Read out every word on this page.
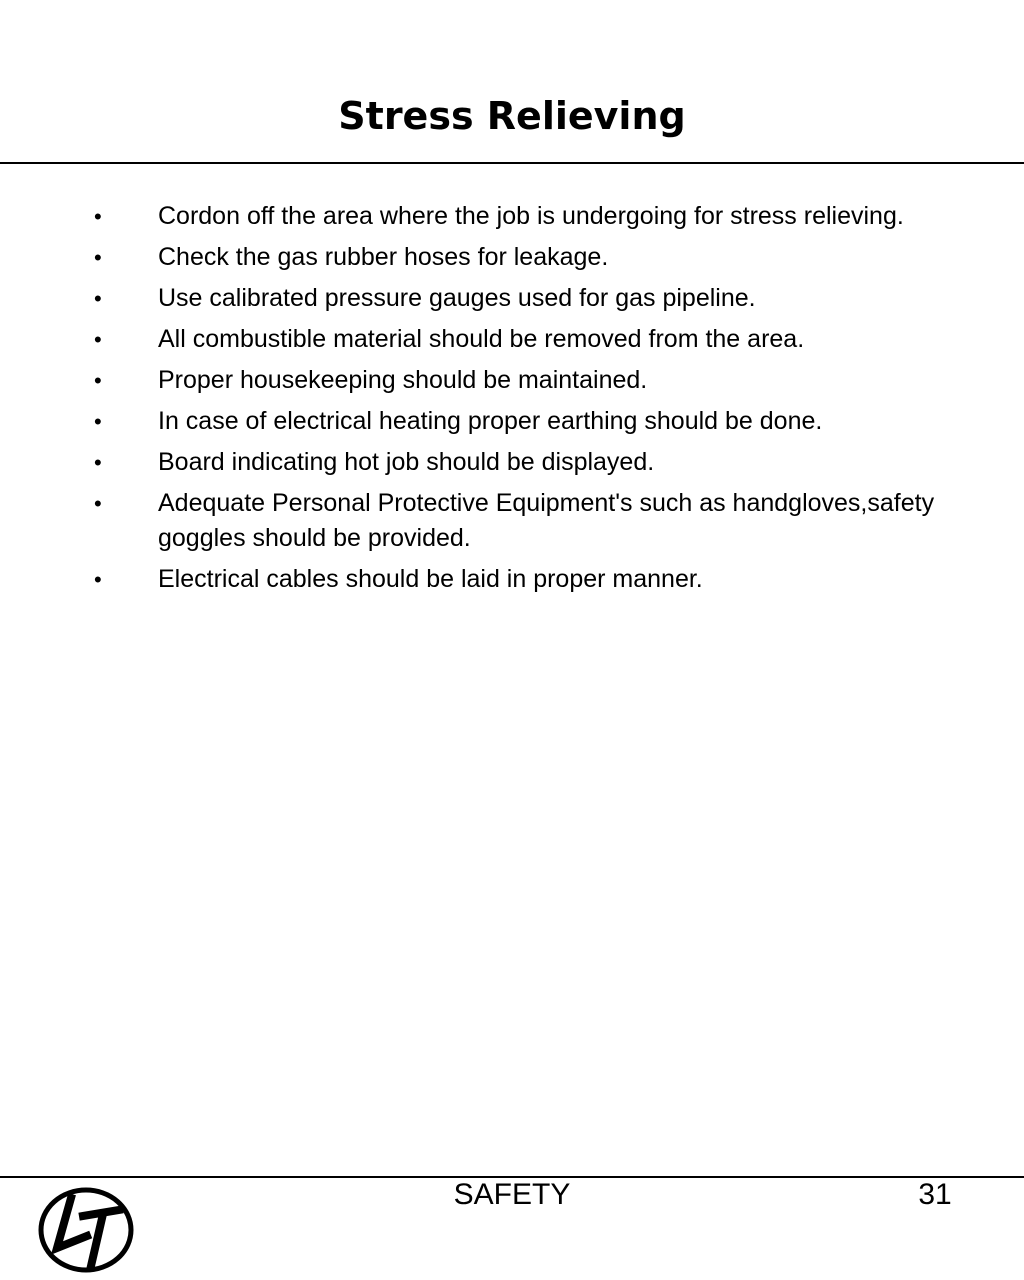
Stress Relieving
•	Cordon off the area where the job is undergoing for stress relieving.
•	Check the gas rubber hoses for leakage.
•	Use calibrated pressure gauges used for gas pipeline.
•	All combustible material should be removed from the area.
•	Proper housekeeping should be maintained.
•	In case of electrical heating proper earthing should be done.
•	Board indicating hot job should be displayed.
•	Adequate Personal Protective Equipment's such as handgloves,safety goggles should be provided.
•	Electrical cables should be laid in proper manner.
SAFETY	31
